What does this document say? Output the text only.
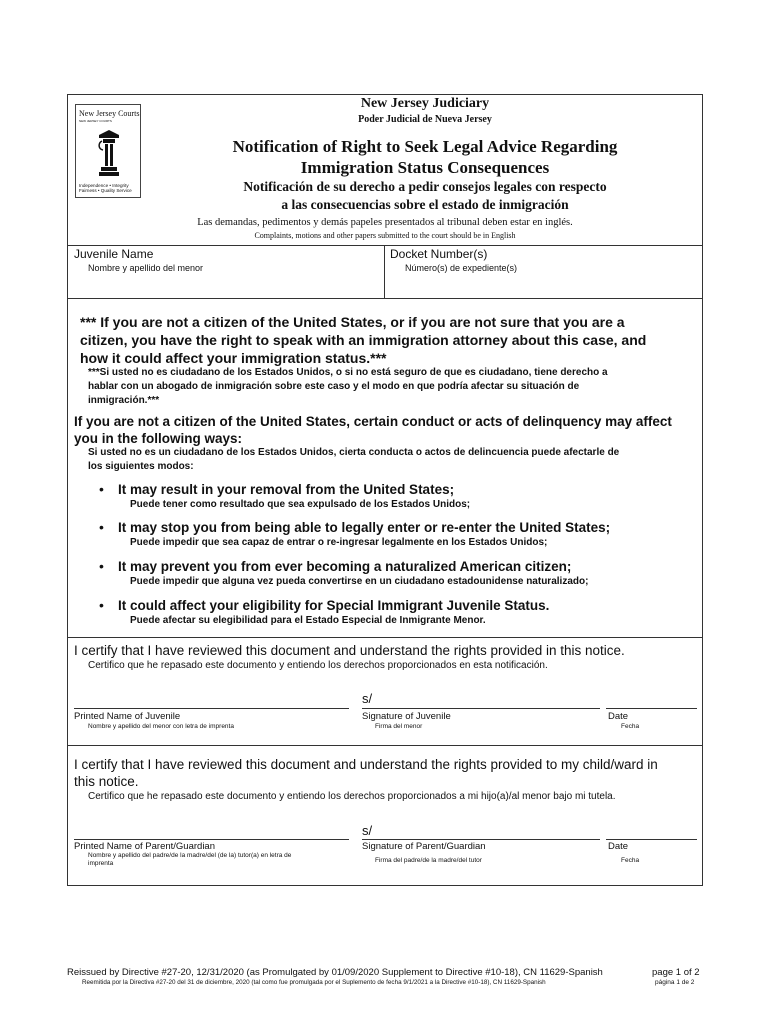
New Jersey Courts
NEW JERSEY COURTS
Independence • Integrity Fairness • Quality Service
New Jersey Judiciary
Poder Judicial de Nueva Jersey
Notification of Right to Seek Legal Advice Regarding
Immigration Status Consequences
Notificación de su derecho a pedir consejos legales con respecto
a las consecuencias sobre el estado de inmigración
Las demandas, pedimentos y demás papeles presentados al tribunal deben estar en inglés.
Complaints, motions and other papers submitted to the court should be in English
Juvenile Name
Nombre y apellido del menor
Docket Number(s)
Número(s) de expediente(s)
*** If you are not a citizen of the United States, or if you are not sure that you are a
citizen, you have the right to speak with an immigration attorney about this case, and
how it could affect your immigration status.***
***Si usted no es ciudadano de los Estados Unidos, o si no está seguro de que es ciudadano, tiene derecho a
hablar con un abogado de inmigración sobre este caso y el modo en que podría afectar su situación de
inmigración.***
If you are not a citizen of the United States, certain conduct or acts of delinquency may affect
you in the following ways:
Si usted no es un ciudadano de los Estados Unidos, cierta conducta o actos de delincuencia puede afectarle de
los siguientes modos:
• It may result in your removal from the United States;
Puede tener como resultado que sea expulsado de los Estados Unidos;
• It may stop you from being able to legally enter or re-enter the United States;
Puede impedir que sea capaz de entrar o re-ingresar legalmente en los Estados Unidos;
• It may prevent you from ever becoming a naturalized American citizen;
Puede impedir que alguna vez pueda convertirse en un ciudadano estadounidense naturalizado;
• It could affect your eligibility for Special Immigrant Juvenile Status.
Puede afectar su elegibilidad para el Estado Especial de Inmigrante Menor.
I certify that I have reviewed this document and understand the rights provided in this notice.
Certifico que he repasado este documento y entiendo los derechos proporcionados en esta notificación.
s/
Printed Name of Juvenile
Nombre y apellido del menor con letra de imprenta
Signature of Juvenile
Firma del menor
Date
Fecha
I certify that I have reviewed this document and understand the rights provided to my child/ward in
this notice.
Certifico que he repasado este documento y entiendo los derechos proporcionados a mi hijo(a)/al menor bajo mi tutela.
s/
Printed Name of Parent/Guardian
Nombre y apellido del padre/de la madre/del (de la) tutor(a) en letra de
imprenta
Signature of Parent/Guardian
Firma del padre/de la madre/del tutor
Date
Fecha
Reissued by Directive #27-20, 12/31/2020 (as Promulgated by 01/09/2020 Supplement to Directive #10-18), CN 11629-Spanish	page 1 of 2
Reemitida por la Directiva #27-20 del 31 de diciembre, 2020 (tal como fue promulgada por el Suplemento de fecha 9/1/2021 a la Directive #10-18), CN 11629-Spanish	página 1 de 2
